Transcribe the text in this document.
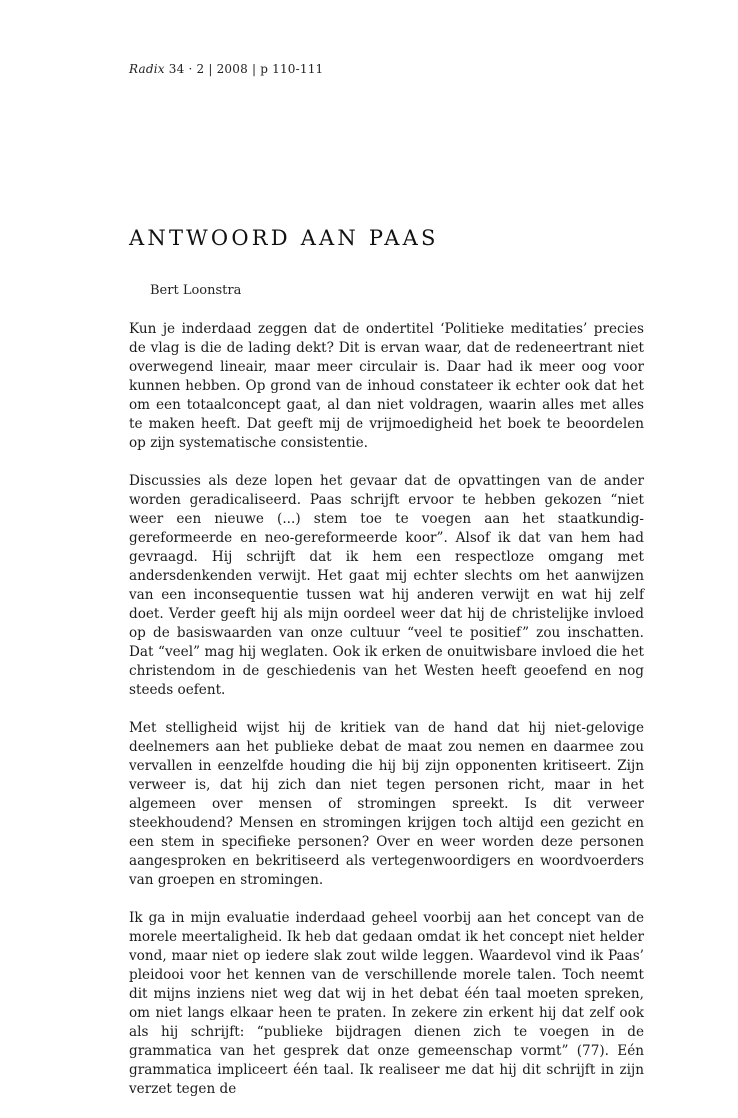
Radix 34 · 2 | 2008 | p 110-111
ANTWOORD AAN PAAS
Bert Loonstra

Kun je inderdaad zeggen dat de ondertitel ‘Politieke meditaties’ precies de vlag is die de lading dekt? Dit is ervan waar, dat de redeneertrant niet overwegend lineair, maar meer circulair is. Daar had ik meer oog voor kunnen hebben. Op grond van de inhoud constateer ik echter ook dat het om een totaalconcept gaat, al dan niet voldragen, waarin alles met alles te maken heeft. Dat geeft mij de vrijmoedigheid het boek te beoordelen op zijn systematische consistentie.

Discussies als deze lopen het gevaar dat de opvattingen van de ander worden geradicaliseerd. Paas schrijft ervoor te hebben gekozen “niet weer een nieuwe (...) stem toe te voegen aan het staatkundig-gereformeerde en neo-gereformeerde koor”. Alsof ik dat van hem had gevraagd. Hij schrijft dat ik hem een respectloze omgang met andersdenkenden verwijt. Het gaat mij echter slechts om het aanwijzen van een inconsequentie tussen wat hij anderen verwijt en wat hij zelf doet. Verder geeft hij als mijn oordeel weer dat hij de christelijke invloed op de basiswaarden van onze cultuur “veel te positief” zou inschatten. Dat “veel” mag hij weglaten. Ook ik erken de onuitwisbare invloed die het christendom in de geschiedenis van het Westen heeft geoefend en nog steeds oefent.

Met stelligheid wijst hij de kritiek van de hand dat hij niet-gelovige deelnemers aan het publieke debat de maat zou nemen en daarmee zou vervallen in eenzelfde houding die hij bij zijn opponenten kritiseert. Zijn verweer is, dat hij zich dan niet tegen personen richt, maar in het algemeen over mensen of stromingen spreekt. Is dit verweer steekhoudend? Mensen en stromingen krijgen toch altijd een gezicht en een stem in specifieke personen? Over en weer worden deze personen aangesproken en bekritiseerd als vertegenwoordigers en woordvoerders van groepen en stromingen.

Ik ga in mijn evaluatie inderdaad geheel voorbij aan het concept van de morele meertaligheid. Ik heb dat gedaan omdat ik het concept niet helder vond, maar niet op iedere slak zout wilde leggen. Waardevol vind ik Paas’ pleidooi voor het kennen van de verschillende morele talen. Toch neemt dit mijns inziens niet weg dat wij in het debat één taal moeten spreken, om niet langs elkaar heen te praten. In zekere zin erkent hij dat zelf ook als hij schrijft: “publieke bijdragen dienen zich te voegen in de grammatica van het gesprek dat onze gemeenschap vormt” (77). Eén grammatica impliceert één taal. Ik realiseer me dat hij dit schrijft in zijn verzet tegen de
